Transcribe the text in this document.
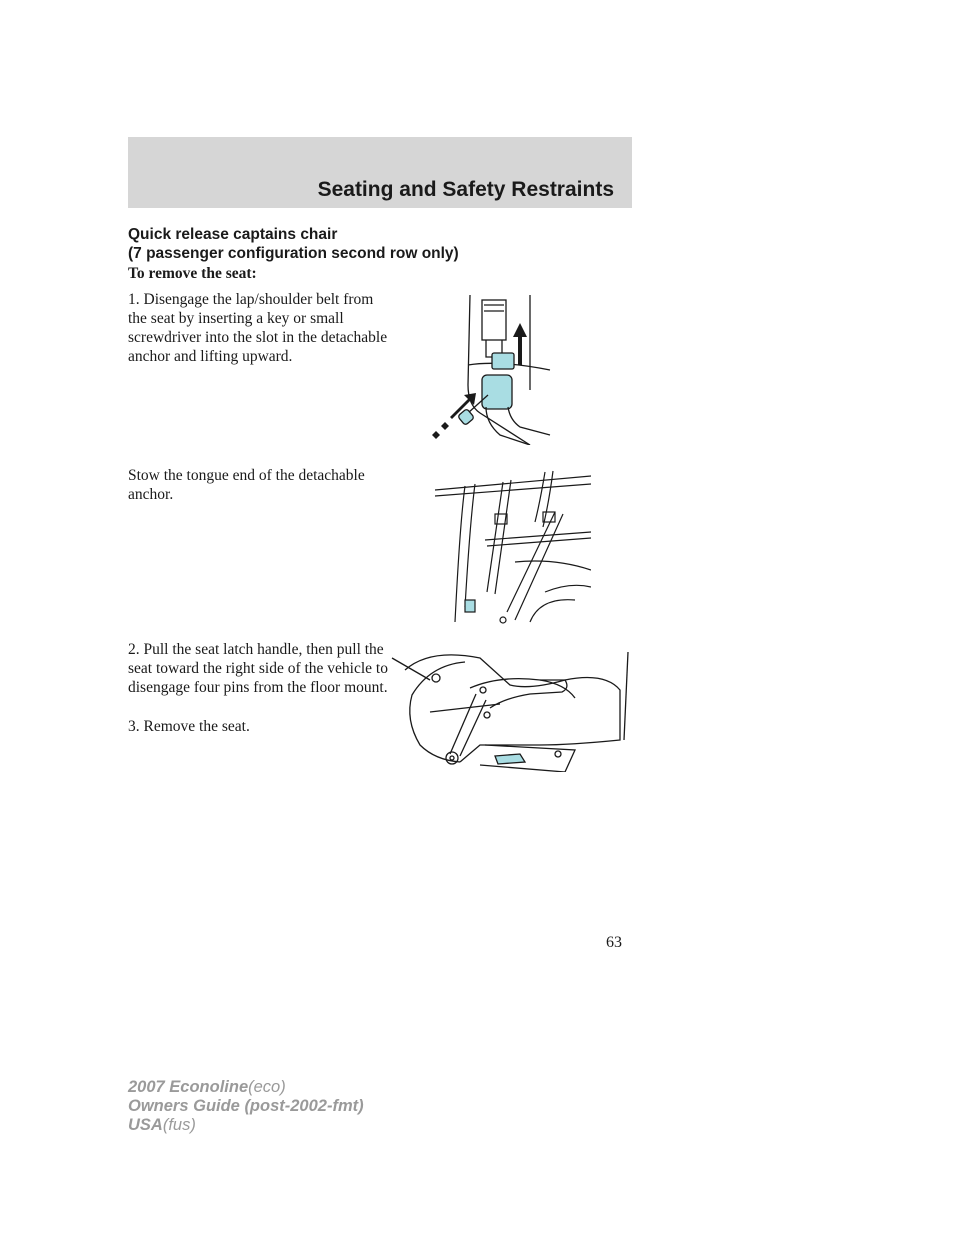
Seating and Safety Restraints
Quick release captains chair
(7 passenger configuration second row only)
To remove the seat:
1. Disengage the lap/shoulder belt from the seat by inserting a key or small screwdriver into the slot in the detachable anchor and lifting upward.
Stow the tongue end of the detachable anchor.
2. Pull the seat latch handle, then pull the seat toward the right side of the vehicle to disengage four pins from the floor mount.
3. Remove the seat.
63
2007 Econoline(eco)
Owners Guide (post-2002-fmt)
USA(fus)
